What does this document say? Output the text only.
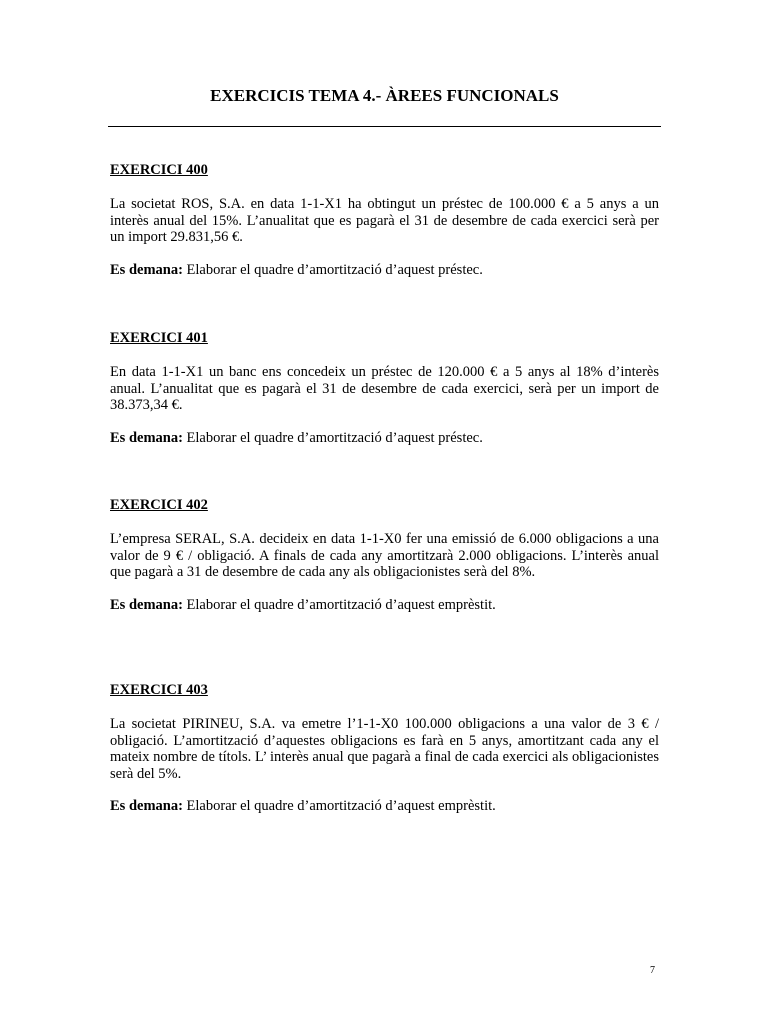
EXERCICIS TEMA 4.- ÀREES FUNCIONALS

EXERCICI 400

La societat ROS, S.A. en data 1-1-X1 ha obtingut un préstec de 100.000 € a 5 anys a un interès anual del 15%. L’anualitat que es pagarà el 31 de desembre de cada exercici serà per un import 29.831,56 €.

Es demana: Elaborar el quadre d’amortització d’aquest préstec.

EXERCICI 401

En data 1-1-X1 un banc ens concedeix un préstec de 120.000 € a 5 anys al 18% d’interès anual. L’anualitat que es pagarà el 31 de desembre de cada exercici, serà per un import de 38.373,34 €.

Es demana: Elaborar el quadre d’amortització d’aquest préstec.

EXERCICI 402

L’empresa SERAL, S.A. decideix en data 1-1-X0 fer una emissió de 6.000 obligacions a una valor de 9 € / obligació. A finals de cada any amortitzarà 2.000 obligacions. L’interès anual que pagarà a 31 de desembre de cada any als obligacionistes serà del 8%.

Es demana: Elaborar el quadre d’amortització d’aquest emprèstit.

EXERCICI 403

La societat PIRINEU, S.A. va emetre l’1-1-X0 100.000 obligacions a una valor de 3 € / obligació. L’amortització d’aquestes obligacions es farà en 5 anys, amortitzant cada any el mateix nombre de títols. L’ interès anual que pagarà a final de cada exercici als obligacionistes serà del 5%.

Es demana: Elaborar el quadre d’amortització d’aquest emprèstit.

7
